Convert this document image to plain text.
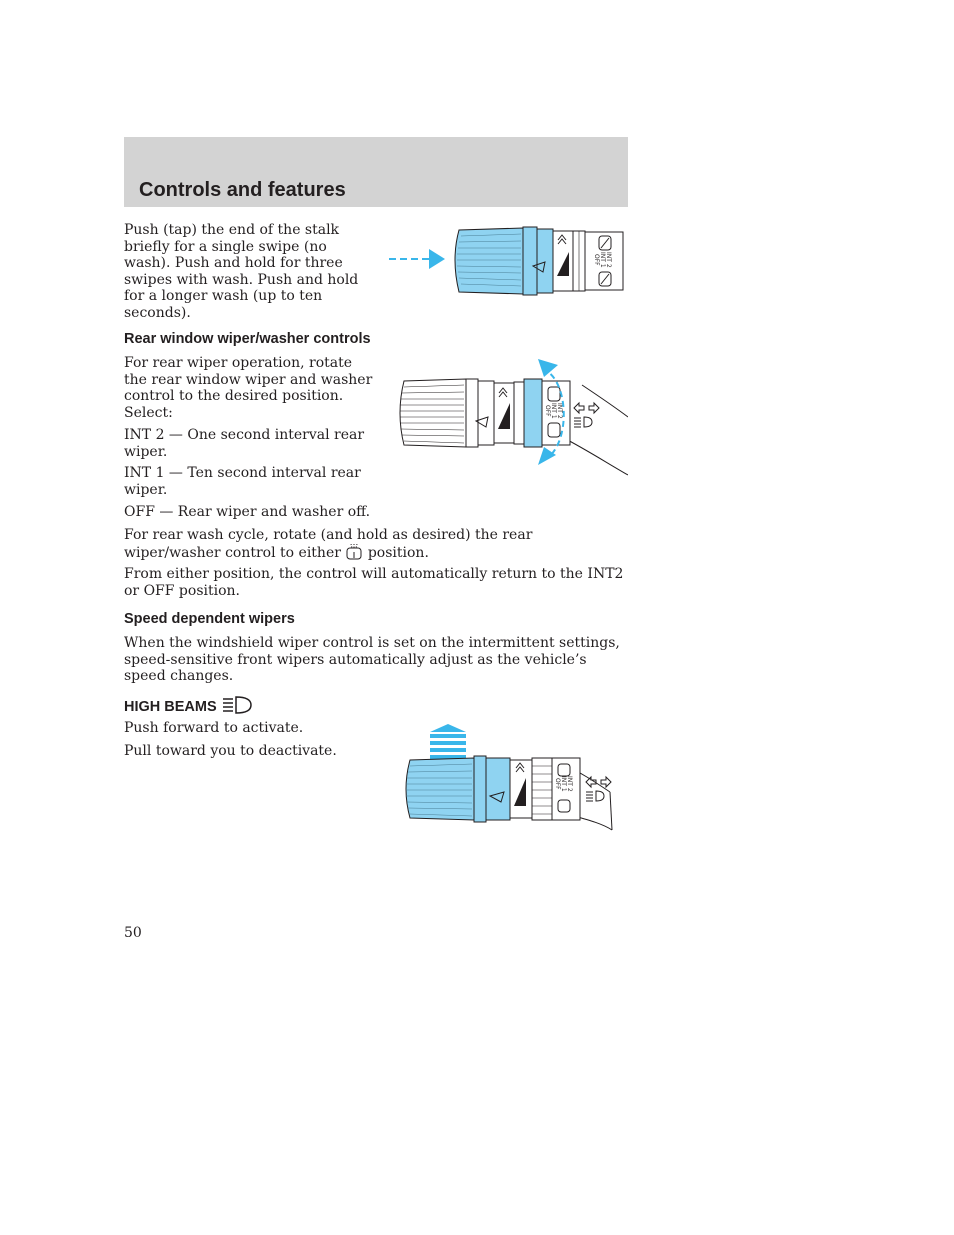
Controls and features

Push (tap) the end of the stalk briefly for a single swipe (no wash). Push and hold for three swipes with wash. Push and hold for a longer wash (up to ten seconds).

INT 2
INT 1
OFF
Rear window wiper/washer controls

For rear wiper operation, rotate the rear window wiper and washer control to the desired position. Select:

INT 2 — One second interval rear wiper.

INT 1 — Ten second interval rear wiper.

OFF — Rear wiper and washer off.

INT 2
INT 1
OFF

For rear wash cycle, rotate (and hold as desired) the rear wiper/washer control to either position.

From either position, the control will automatically return to the INT2 or OFF position.

Speed dependent wipers

When the windshield wiper control is set on the intermittent settings, speed-sensitive front wipers automatically adjust as the vehicle’s speed changes.

HIGH BEAMS

Push forward to activate.

Pull toward you to deactivate.

INT 2
INT 1
OFF
50
